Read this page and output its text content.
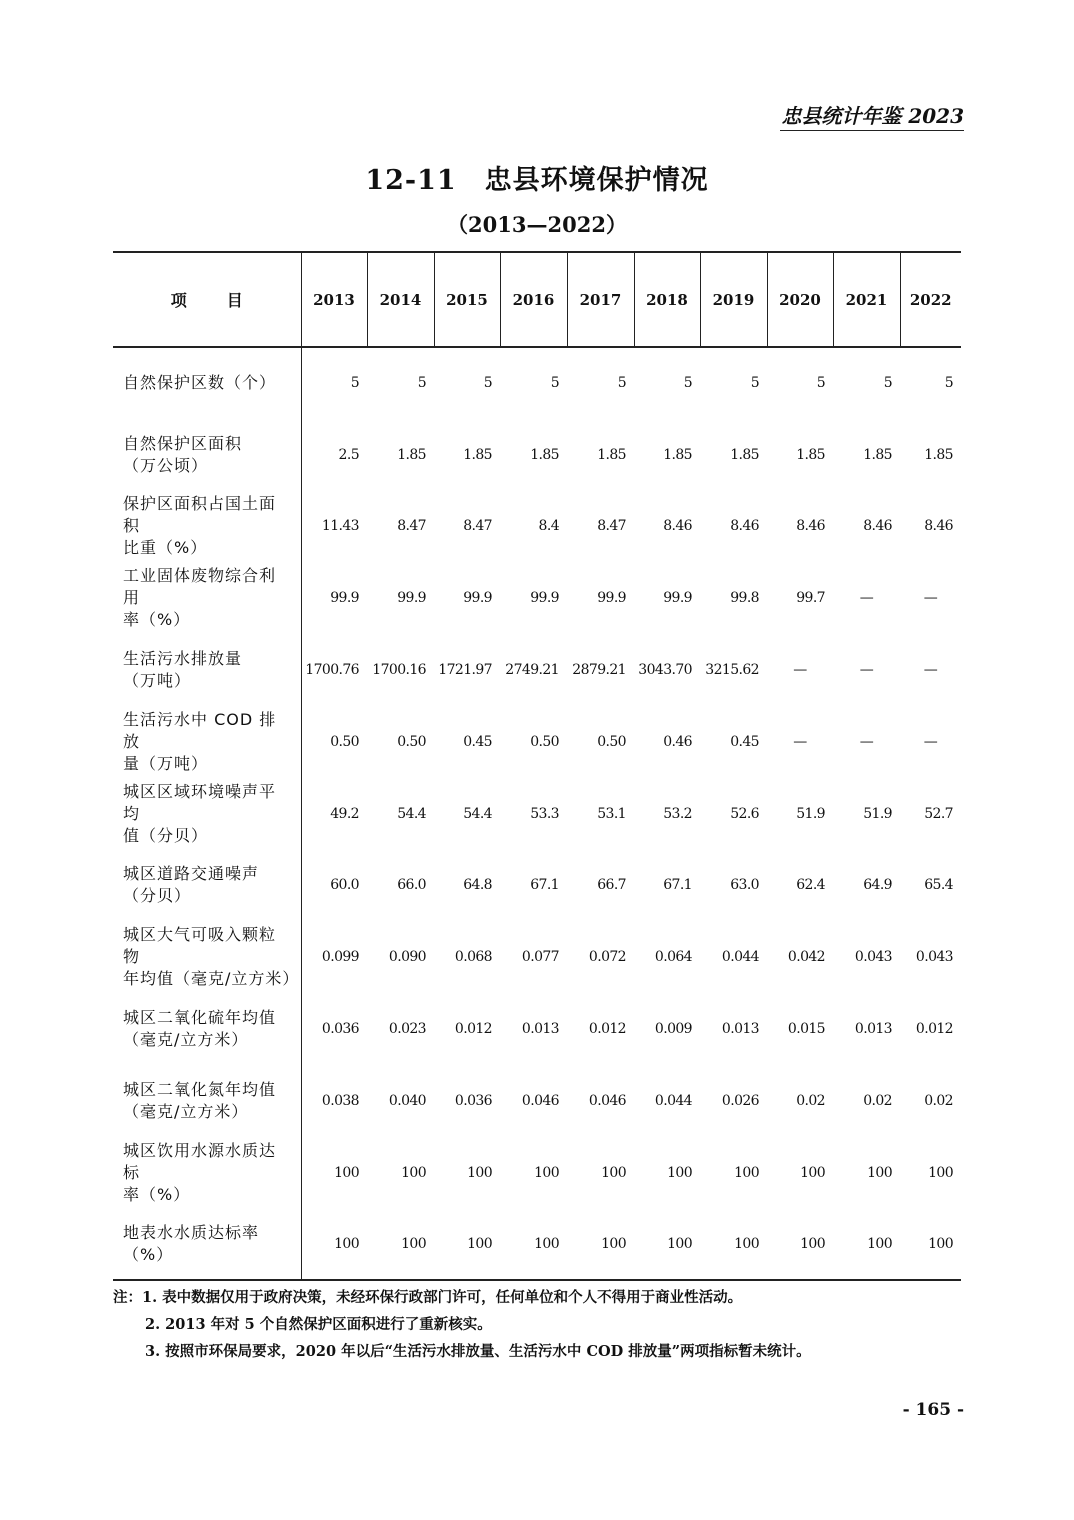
忠县统计年鉴 2023
12-11 忠县环境保护情况
（2013—2022）
项目	2013	2014	2015	2016	2017	2018	2019	2020	2021	2022

自然保护区数（个）	5	5	5	5	5	5	5	5	5	5

自然保护区面积
（万公顷）	2.5	1.85	1.85	1.85	1.85	1.85	1.85	1.85	1.85	1.85

保护区面积占国土面积
比重（%）	11.43	8.47	8.47	8.4	8.47	8.46	8.46	8.46	8.46	8.46

工业固体废物综合利用
率（%）	99.9	99.9	99.9	99.9	99.9	99.9	99.8	99.7	—	—

生活污水排放量
（万吨）	1700.76	1700.16	1721.97	2749.21	2879.21	3043.70	3215.62	—	—	—

生活污水中 COD 排放
量（万吨）	0.50	0.50	0.45	0.50	0.50	0.46	0.45	—	—	—

城区区域环境噪声平均
值（分贝）	49.2	54.4	54.4	53.3	53.1	53.2	52.6	51.9	51.9	52.7

城区道路交通噪声
（分贝）	60.0	66.0	64.8	67.1	66.7	67.1	63.0	62.4	64.9	65.4

城区大气可吸入颗粒物
年均值（毫克/立方米）	0.099	0.090	0.068	0.077	0.072	0.064	0.044	0.042	0.043	0.043

城区二氧化硫年均值
（毫克/立方米）	0.036	0.023	0.012	0.013	0.012	0.009	0.013	0.015	0.013	0.012

城区二氧化氮年均值
（毫克/立方米）	0.038	0.040	0.036	0.046	0.046	0.044	0.026	0.02	0.02	0.02

城区饮用水源水质达标
率（%）	100	100	100	100	100	100	100	100	100	100

地表水水质达标率（%）	100	100	100	100	100	100	100	100	100	100
注：1. 表中数据仅用于政府决策，未经环保行政部门许可，任何单位和个人不得用于商业性活动。
2. 2013 年对 5 个自然保护区面积进行了重新核实。
3. 按照市环保局要求，2020 年以后“生活污水排放量、生活污水中 COD 排放量”两项指标暂未统计。
- 165 -
